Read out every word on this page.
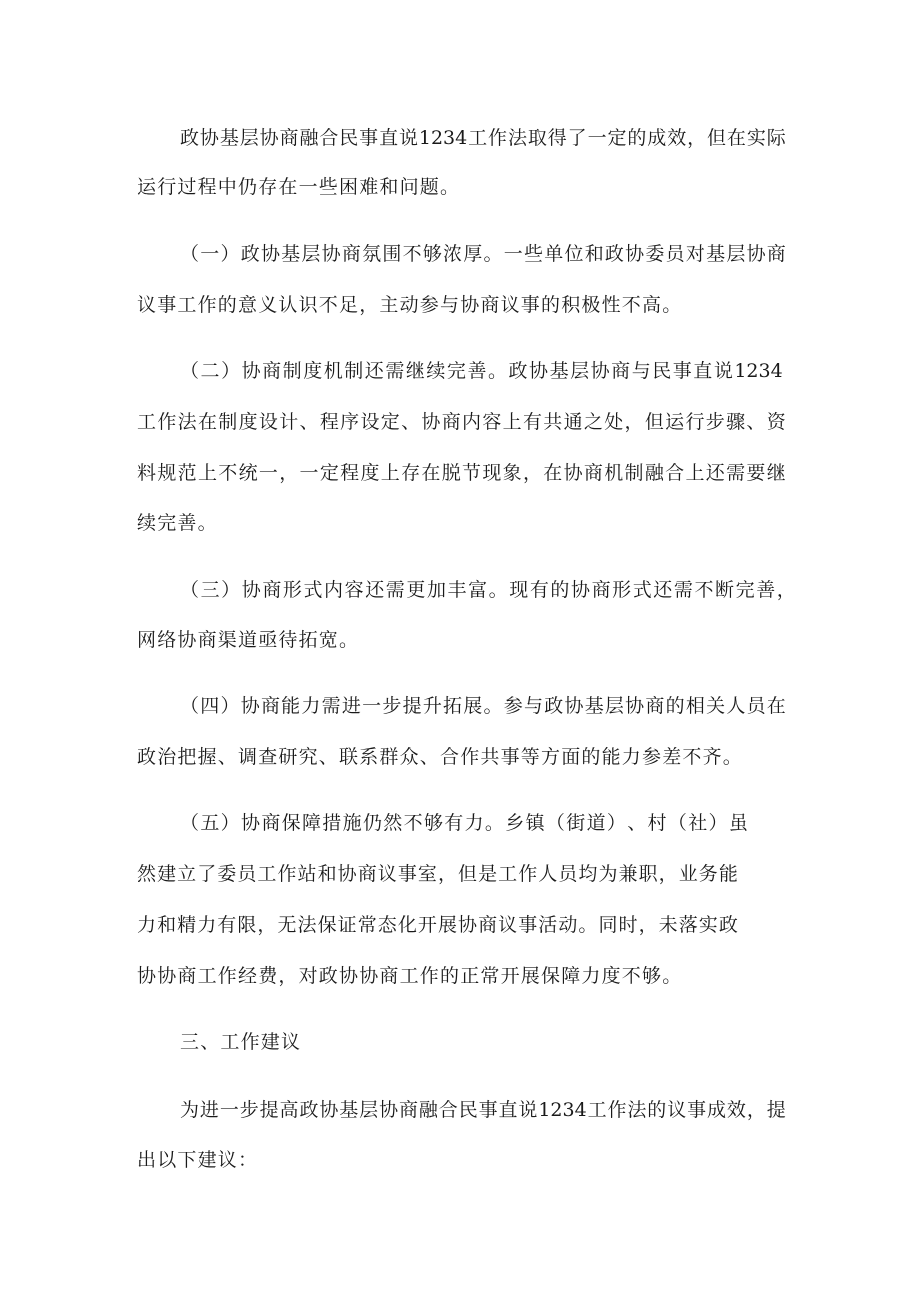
政 协 基 层 协 商 融 合 民 事 直 说 1234 工 作 法 取 得 了 一 定 的 成 效 ， 但 在 实 际
运行过程中仍存在一些困难和问题。
（ 一 ） 政 协 基 层 协 商 氛 围 不 够 浓 厚 。 一 些 单 位 和 政 协 委 员 对 基 层 协 商
议事工作的意义认识不足，主动参与协商议事的积极性不高。
（ 二 ） 协 商 制 度 机 制 还 需 继 续 完 善 。 政 协 基 层 协 商 与 民 事 直 说 1234
工 作 法 在 制 度 设 计 、 程 序 设 定 、 协 商 内 容 上 有 共 通 之 处 ， 但 运 行 步 骤 、 资
料 规 范 上 不 统 一 ， 一 定 程 度 上 存 在 脱 节 现 象 ， 在 协 商 机 制 融 合 上 还 需 要 继
续完善。
（ 三 ） 协 商 形 式 内 容 还 需 更 加 丰 富 。 现 有 的 协 商 形 式 还 需 不 断 完 善 ，
网络协商渠道亟待拓宽。
（ 四 ） 协 商 能 力 需 进 一 步 提 升 拓 展 。 参 与 政 协 基 层 协 商 的 相 关 人 员 在
政治把握、调查研究、联系群众、合作共事等方面的能力参差不齐。
（ 五 ） 协 商 保 障 措 施 仍 然 不 够 有 力 。 乡 镇 （ 街 道 ） 、 村 （ 社 ） 虽
然 建 立 了 委 员 工 作 站 和 协 商 议 事 室 ， 但 是 工 作 人 员 均 为 兼 职 ， 业 务 能
力 和 精 力 有 限 ， 无 法 保 证 常 态 化 开 展 协 商 议 事 活 动 。 同 时 ， 未 落 实 政
协协商工作经费，对政协协商工作的正常开展保障力度不够。
三、工作建议
为 进 一 步 提 高 政 协 基 层 协 商 融 合 民 事 直 说 1234 工 作 法 的 议 事 成 效 ， 提
出以下建议：
